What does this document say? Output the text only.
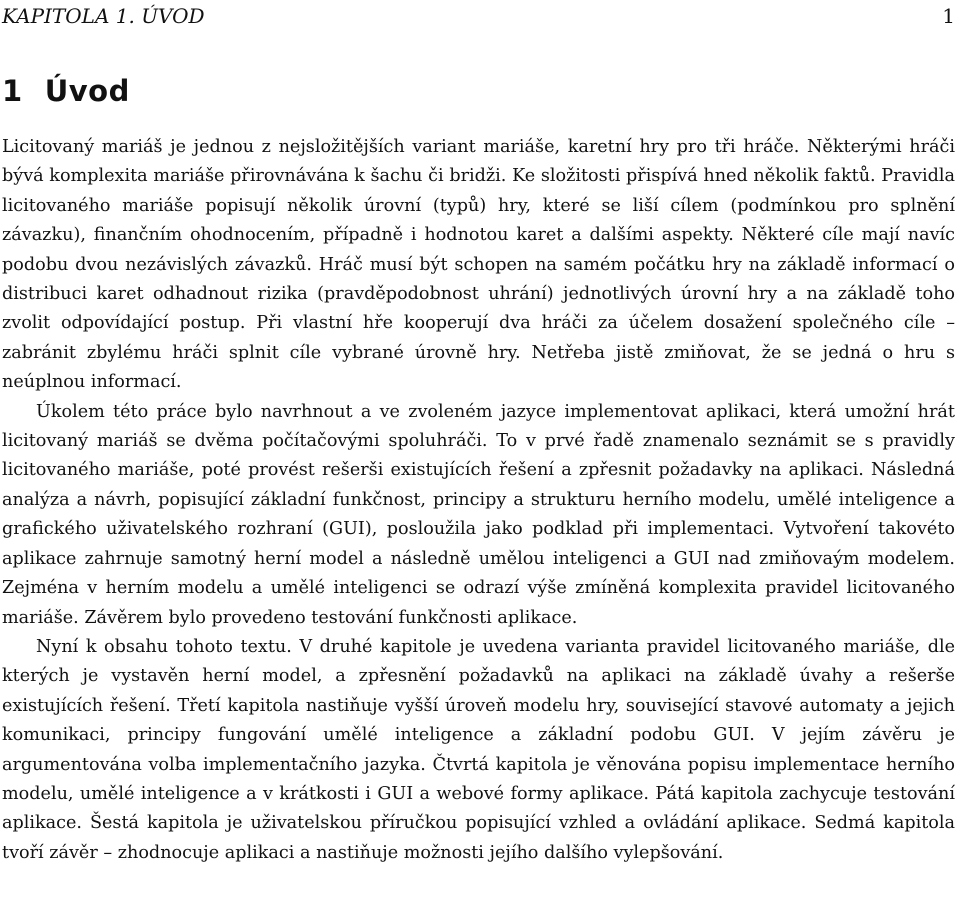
KAPITOLA 1. ÚVOD	1
1 Úvod

Licitovaný mariáš je jednou z nejsložitějších variant mariáše, karetní hry pro tři hráče. Některými hráči bývá komplexita mariáše přirovnávána k šachu či bridži. Ke složitosti přispívá hned několik faktů. Pravidla licitovaného mariáše popisují několik úrovní (typů) hry, které se liší cílem (podmínkou pro splnění závazku), finančním ohodnocením, případně i hodnotou karet a dalšími aspekty. Některé cíle mají navíc podobu dvou nezávislých závazků. Hráč musí být schopen na samém počátku hry na základě informací o distribuci karet odhadnout rizika (pravděpodobnost uhrání) jednotlivých úrovní hry a na základě toho zvolit odpovídající postup. Při vlastní hře kooperují dva hráči za účelem dosažení společného cíle – zabránit zbylému hráči splnit cíle vybrané úrovně hry. Netřeba jistě zmiňovat, že se jedná o hru s neúplnou informací.

Úkolem této práce bylo navrhnout a ve zvoleném jazyce implementovat aplikaci, která umožní hrát licitovaný mariáš se dvěma počítačovými spoluhráči. To v prvé řadě znamenalo seznámit se s pravidly licitovaného mariáše, poté provést rešerši existujících řešení a zpřesnit požadavky na aplikaci. Následná analýza a návrh, popisující základní funkčnost, principy a strukturu herního modelu, umělé inteligence a grafického uživatelského rozhraní (GUI), posloužila jako podklad při implementaci. Vytvoření takovéto aplikace zahrnuje samotný herní model a následně umělou inteligenci a GUI nad zmiňovaým modelem. Zejména v herním modelu a umělé inteligenci se odrazí výše zmíněná komplexita pravidel licitovaného mariáše. Závěrem bylo provedeno testování funkčnosti aplikace.

Nyní k obsahu tohoto textu. V druhé kapitole je uvedena varianta pravidel licitovaného mariáše, dle kterých je vystavěn herní model, a zpřesnění požadavků na aplikaci na základě úvahy a rešerše existujících řešení. Třetí kapitola nastiňuje vyšší úroveň modelu hry, související stavové automaty a jejich komunikaci, principy fungování umělé inteligence a základní podobu GUI. V jejím závěru je argumentována volba implementačního jazyka. Čtvrtá kapitola je věnována popisu implementace herního modelu, umělé inteligence a v krátkosti i GUI a webové formy aplikace. Pátá kapitola zachycuje testování aplikace. Šestá kapitola je uživatelskou příručkou popisující vzhled a ovládání aplikace. Sedmá kapitola tvoří závěr – zhodnocuje aplikaci a nastiňuje možnosti jejího dalšího vylepšování.
